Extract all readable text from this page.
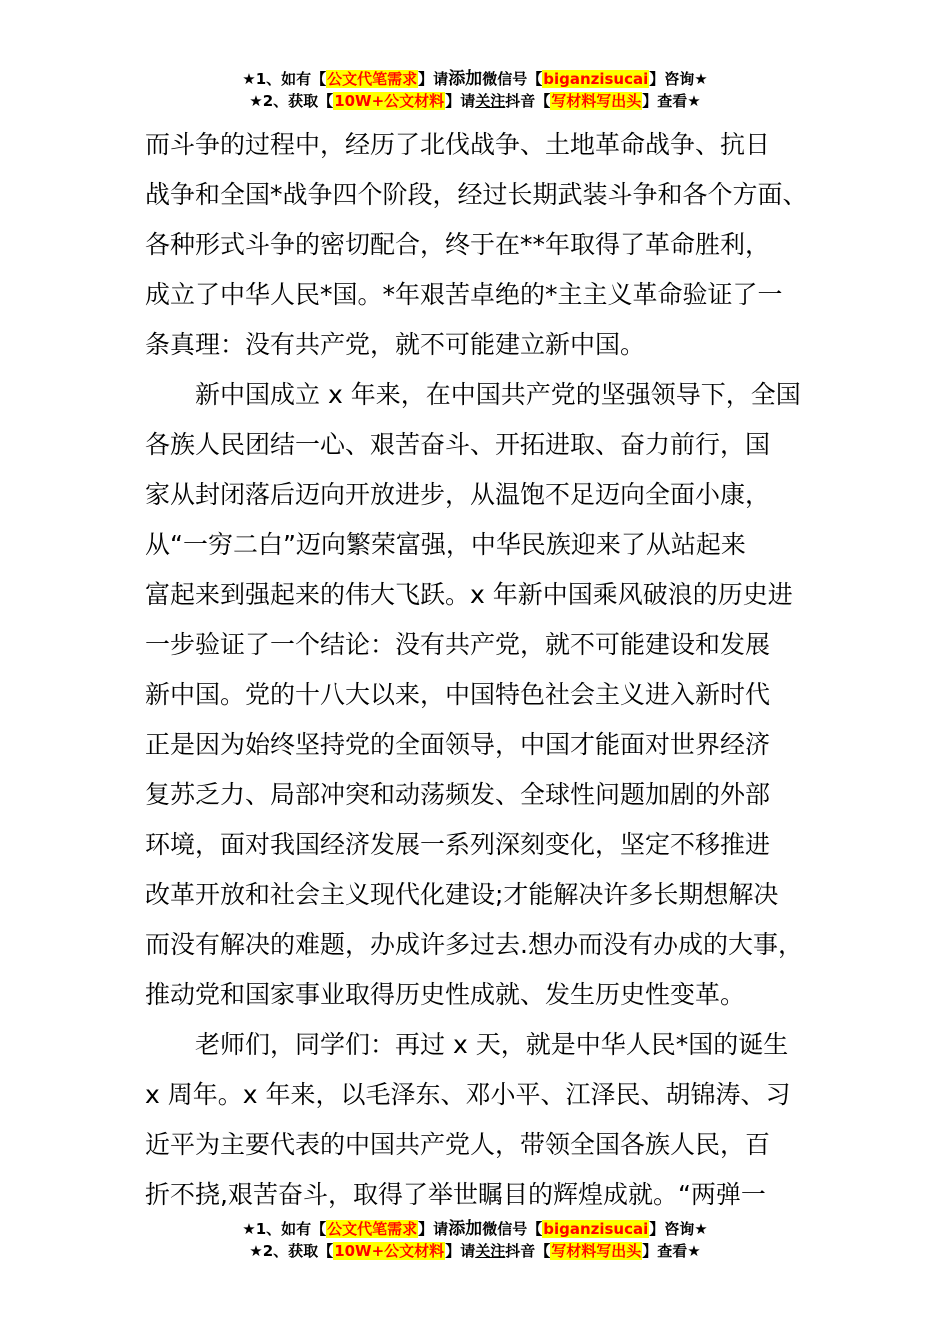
★1、如有【公文代笔需求】请添加微信号【biganzisucai】咨询★
★2、获取【10W+公文材料】请关注抖音【写材料写出头】查看★
而斗争的过程中，经历了北伐战争、土地革命战争、抗日
战争和全国*战争四个阶段，经过长期武装斗争和各个方面、
各种形式斗争的密切配合，终于在**年取得了革命胜利，
成立了中华人民*国。*年艰苦卓绝的*主主义革命验证了一
条真理：没有共产党，就不可能建立新中国。
新中国成立 x 年来，在中国共产党的坚强领导下，全国
各族人民团结一心、艰苦奋斗、开拓进取、奋力前行，国
家从封闭落后迈向开放进步，从温饱不足迈向全面小康，
从“一穷二白”迈向繁荣富强，中华民族迎来了从站起来
富起来到强起来的伟大飞跃。x 年新中国乘风破浪的历史进
一步验证了一个结论：没有共产党，就不可能建设和发展
新中国。党的十八大以来，中国特色社会主义进入新时代
正是因为始终坚持党的全面领导，中国才能面对世界经济
复苏乏力、局部冲突和动荡频发、全球性问题加剧的外部
环境，面对我国经济发展一系列深刻变化，坚定不移推进
改革开放和社会主义现代化建设;才能解决许多长期想解决
而没有解决的难题，办成许多过去.想办而没有办成的大事，
推动党和国家事业取得历史性成就、发生历史性变革。
老师们，同学们：再过 x 天，就是中华人民*国的诞生
x 周年。x 年来，以毛泽东、邓小平、江泽民、胡锦涛、习
近平为主要代表的中国共产党人，带领全国各族人民，百
折不挠,艰苦奋斗，取得了举世瞩目的辉煌成就。“两弹一
★1、如有【公文代笔需求】请添加微信号【biganzisucai】咨询★
★2、获取【10W+公文材料】请关注抖音【写材料写出头】查看★
